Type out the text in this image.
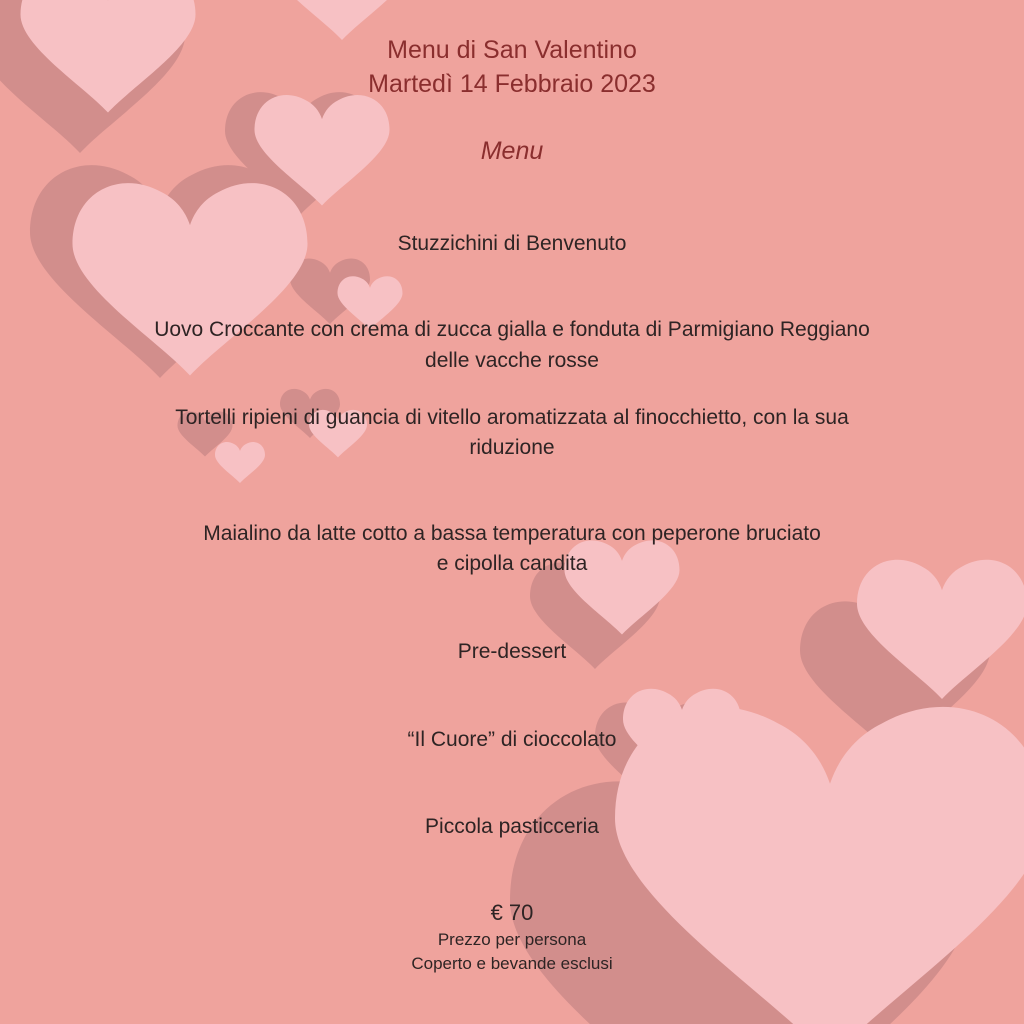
Menu di San Valentino
Martedì 14 Febbraio 2023
Menu
Stuzzichini di Benvenuto
Uovo Croccante con crema di zucca gialla e fonduta di Parmigiano Reggiano
delle vacche rosse
Tortelli ripieni di guancia di vitello aromatizzata al finocchietto, con la sua
riduzione
Maialino da latte cotto a bassa temperatura con peperone bruciato
e cipolla candita
Pre-dessert
“Il Cuore” di cioccolato
Piccola pasticceria
€ 70
Prezzo per persona
Coperto e bevande esclusi
